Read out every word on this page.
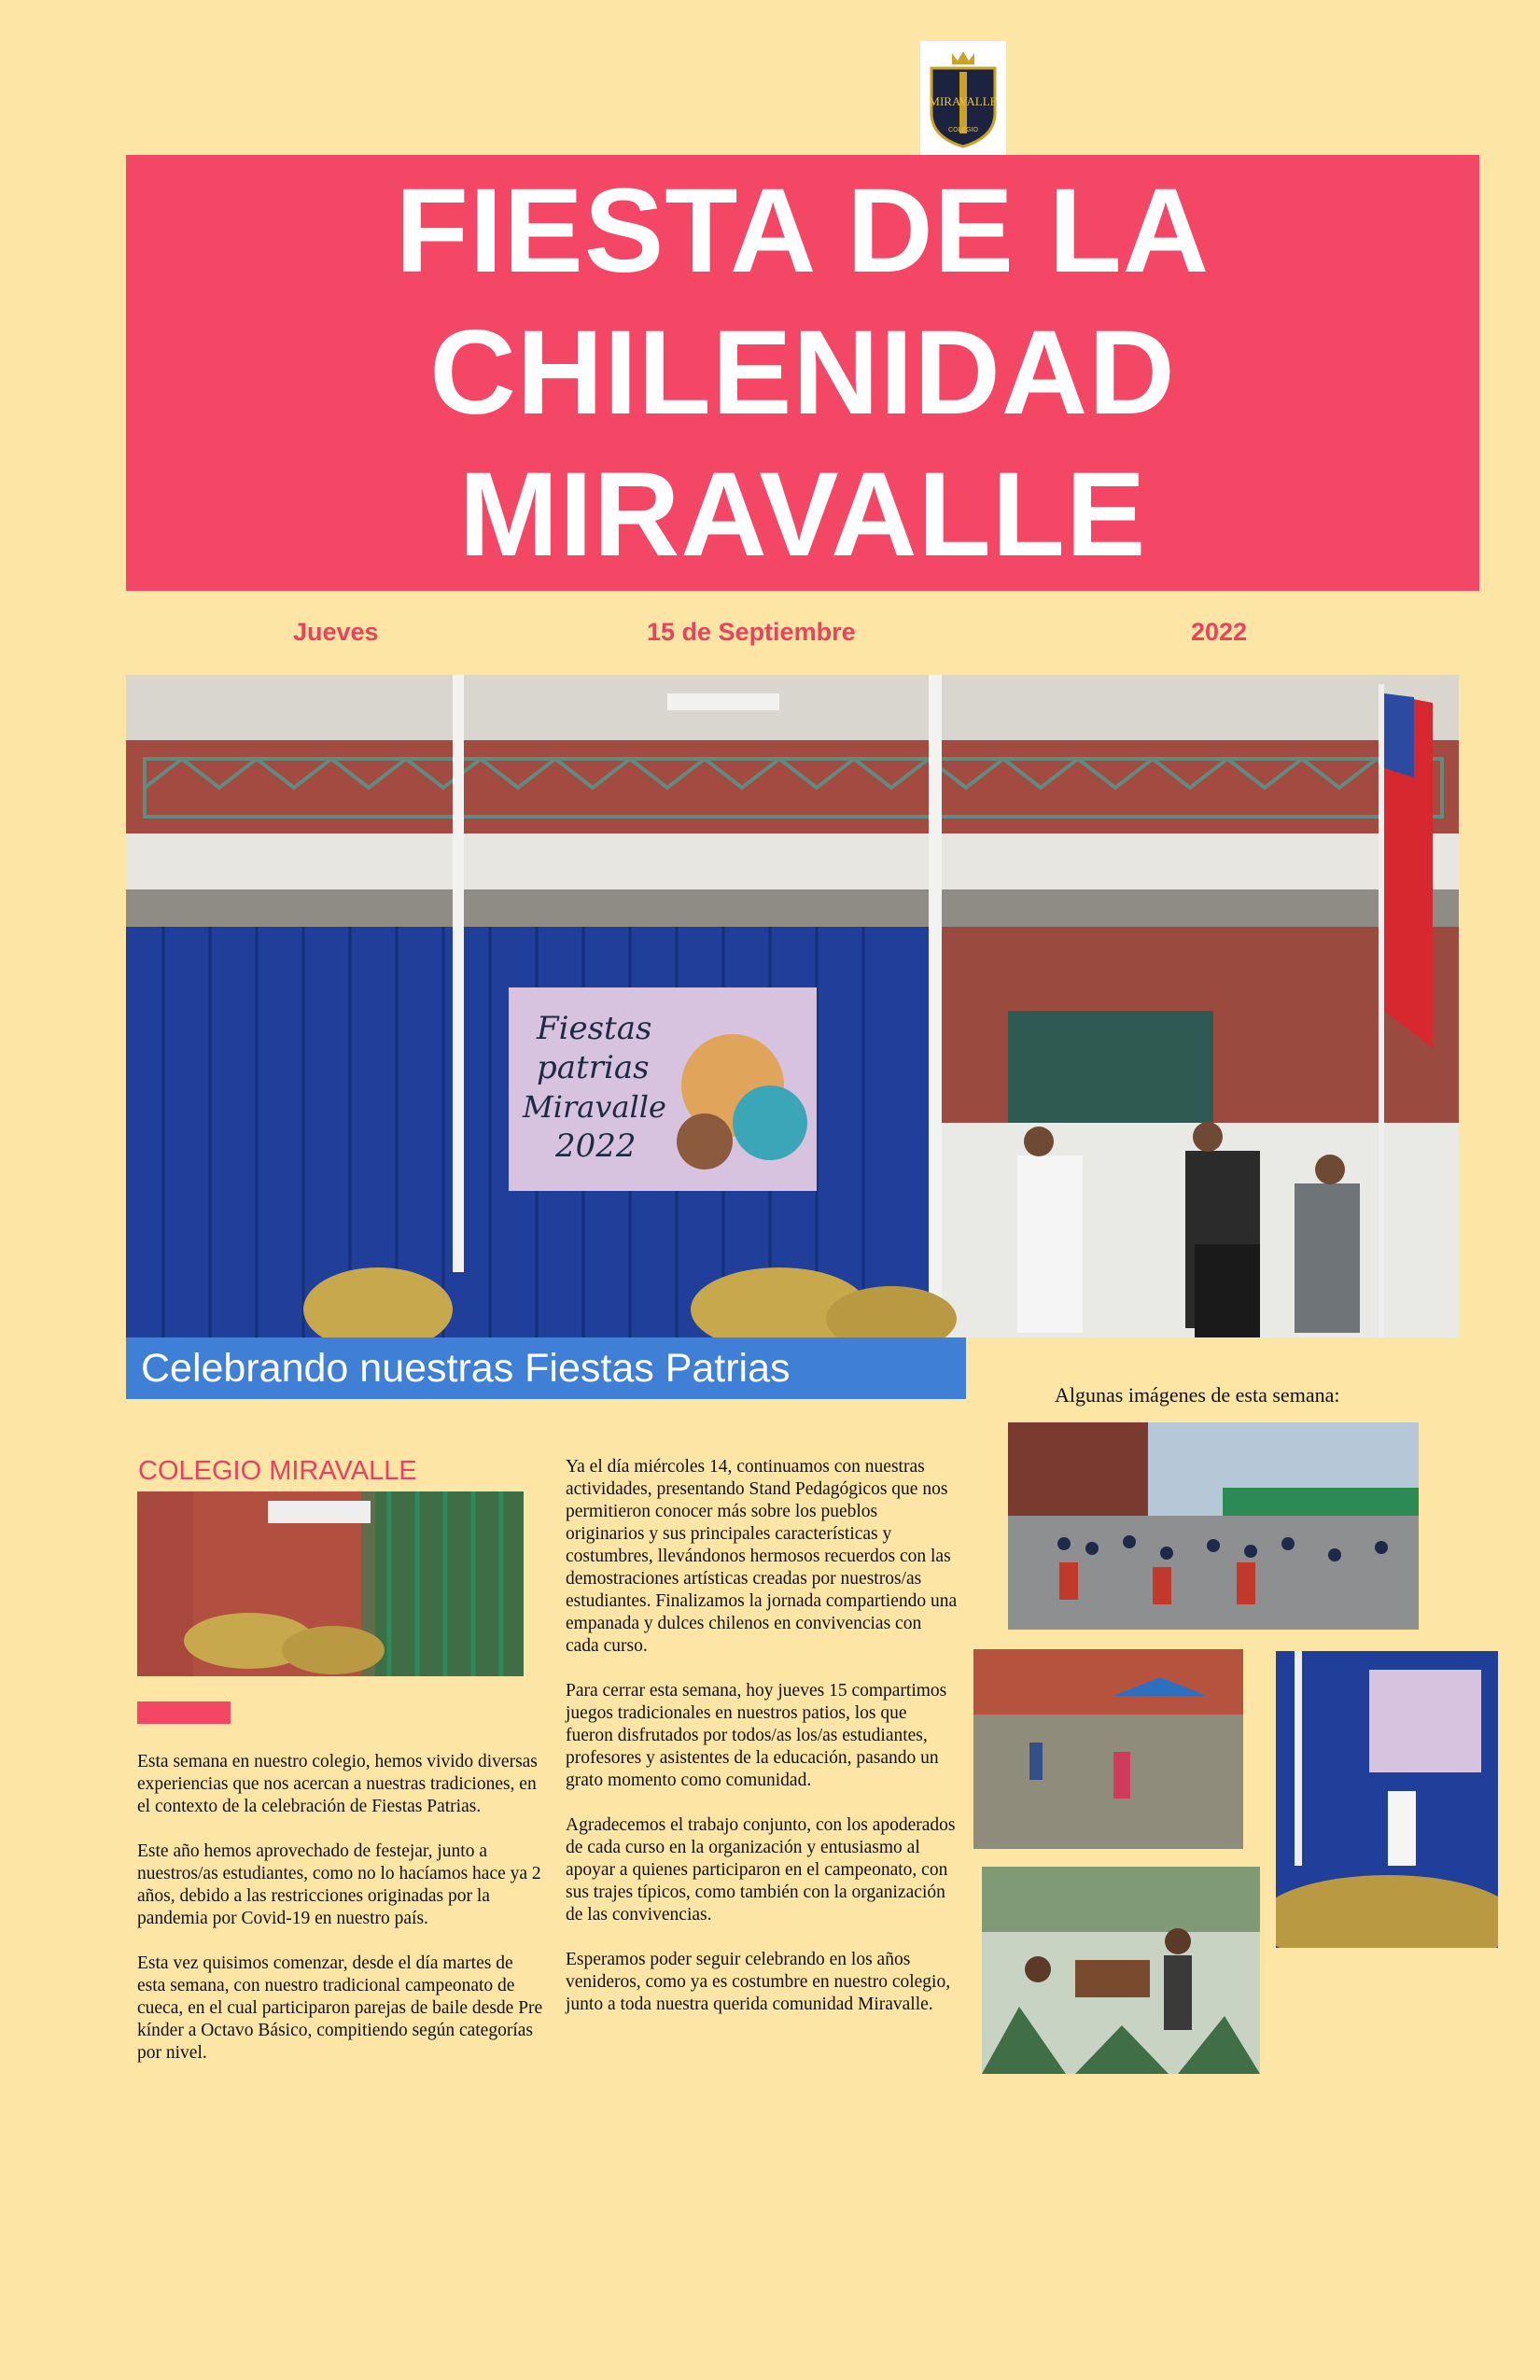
MIRAVALLE
COLEGIO
FIESTA DE LA
CHILENIDAD
MIRAVALLE
Jueves	15 de Septiembre	2022
Fiestas
patrias
Miravalle
2022
Celebrando nuestras Fiestas Patrias
Algunas imágenes de esta semana:
COLEGIO MIRAVALLE

Esta semana en nuestro colegio, hemos vivido diversas experiencias que nos acercan a nuestras tradiciones, en el contexto de la celebración de Fiestas Patrias.

Este año hemos aprovechado de festejar, junto a nuestros/as estudiantes, como no lo hacíamos hace ya 2 años, debido a las restricciones originadas por la pandemia por Covid-19 en nuestro país.

Esta vez quisimos comenzar, desde el día martes de esta semana, con nuestro tradicional campeonato de cueca, en el cual participaron parejas de baile desde Pre kínder a Octavo Básico, compitiendo según categorías por nivel.

Ya el día miércoles 14, continuamos con nuestras actividades, presentando Stand Pedagógicos que nos permitieron conocer más sobre los pueblos originarios y sus principales características y costumbres, llevándonos hermosos recuerdos con las demostraciones artísticas creadas por nuestros/as estudiantes. Finalizamos la jornada compartiendo una empanada y dulces chilenos en convivencias con cada curso.

Para cerrar esta semana, hoy jueves 15 compartimos juegos tradicionales en nuestros patios, los que fueron disfrutados por todos/as los/as estudiantes, profesores y asistentes de la educación, pasando un grato momento como comunidad.

Agradecemos el trabajo conjunto, con los apoderados de cada curso en la organización y entusiasmo al apoyar a quienes participaron en el campeonato, con sus trajes típicos, como también con la organización de las convivencias.

Esperamos poder seguir celebrando en los años venideros, como ya es costumbre en nuestro colegio, junto a toda nuestra querida comunidad Miravalle.
